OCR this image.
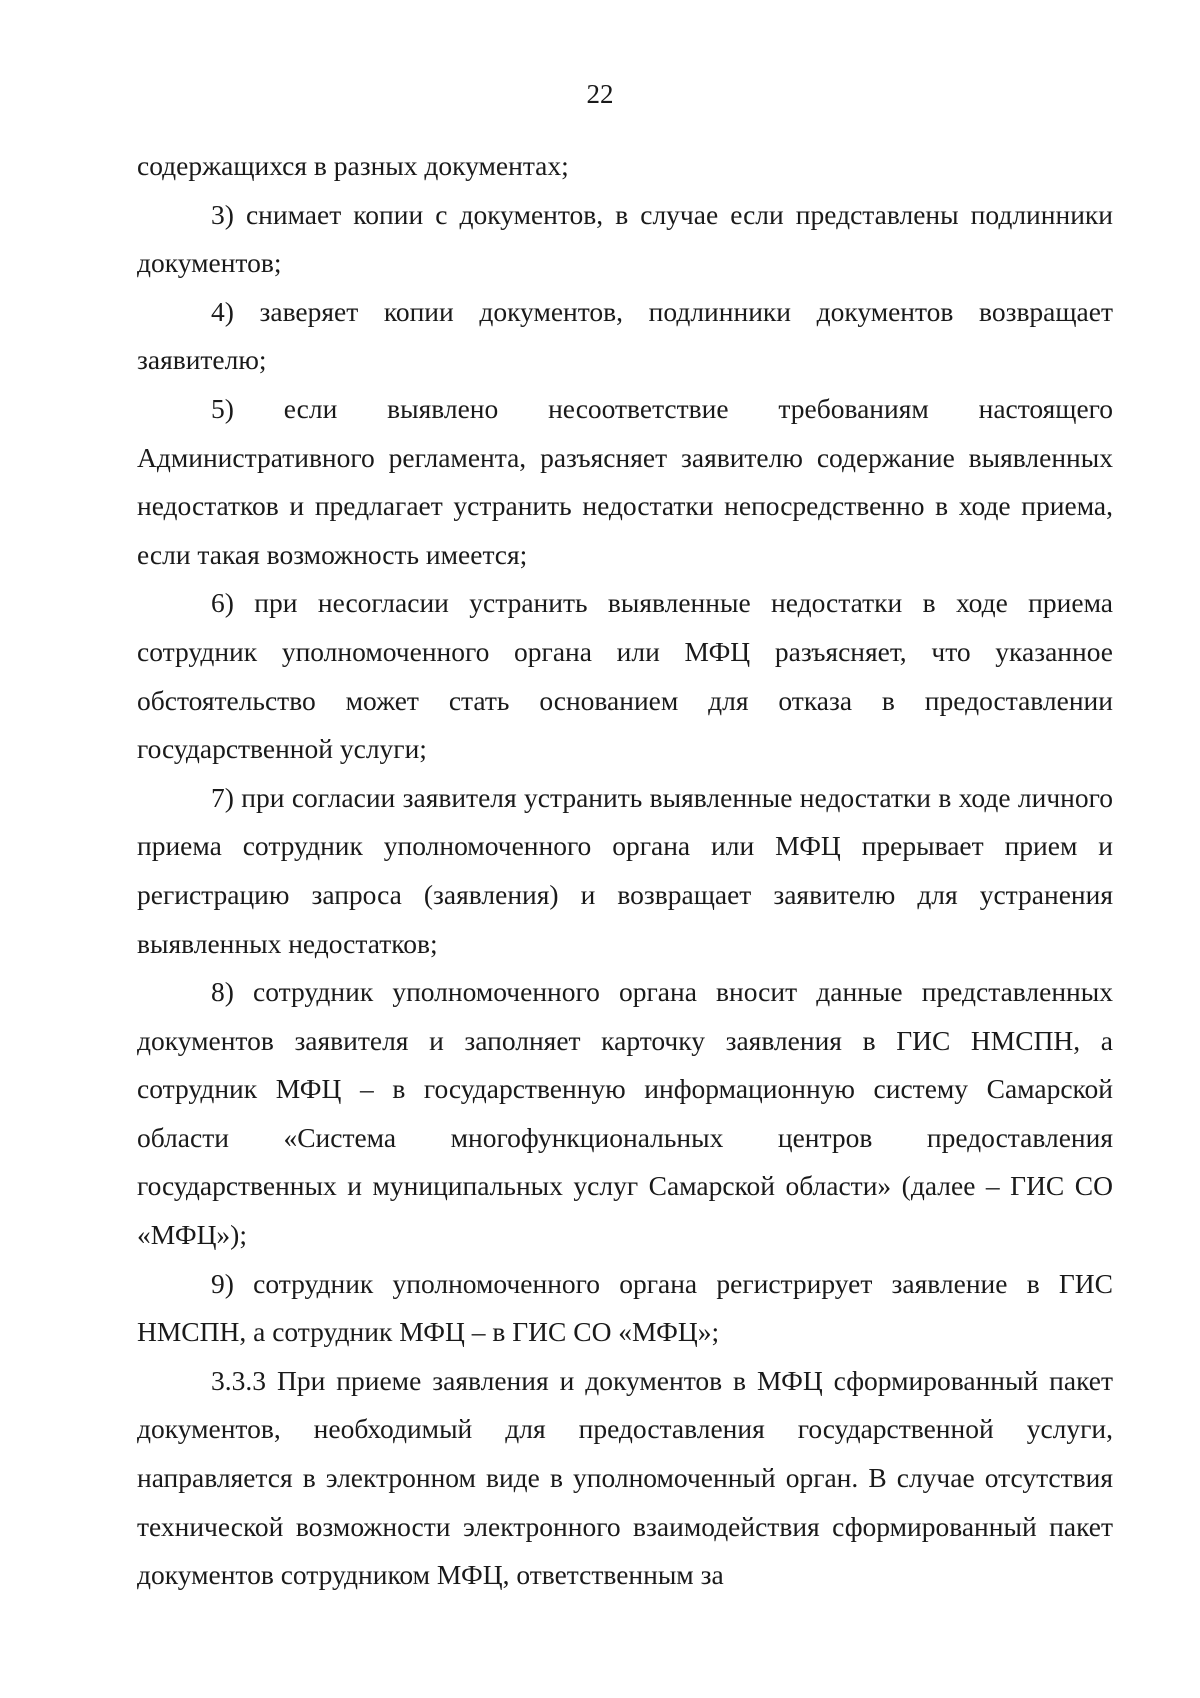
22

содержащихся в разных документах;

3) снимает копии с документов, в случае если представлены подлинники документов;

4) заверяет копии документов, подлинники документов возвращает заявителю;

5) если выявлено несоответствие требованиям настоящего Административного регламента, разъясняет заявителю содержание выявленных недостатков и предлагает устранить недостатки непосредственно в ходе приема, если такая возможность имеется;

6) при несогласии устранить выявленные недостатки в ходе приема сотрудник уполномоченного органа или МФЦ разъясняет, что указанное обстоятельство может стать основанием для отказа в предоставлении государственной услуги;

7) при согласии заявителя устранить выявленные недостатки в ходе личного приема сотрудник уполномоченного органа или МФЦ прерывает прием и регистрацию запроса (заявления) и возвращает заявителю для устранения выявленных недостатков;

8) сотрудник уполномоченного органа вносит данные представленных документов заявителя и заполняет карточку заявления в ГИС НМСПН, а сотрудник МФЦ – в государственную информационную систему Самарской области «Система многофункциональных центров предоставления государственных и муниципальных услуг Самарской области» (далее – ГИС СО «МФЦ»);

9) сотрудник уполномоченного органа регистрирует заявление в ГИС НМСПН, а сотрудник МФЦ – в ГИС СО «МФЦ»;

3.3.3 При приеме заявления и документов в МФЦ сформированный пакет документов, необходимый для предоставления государственной услуги, направляется в электронном виде в уполномоченный орган. В случае отсутствия технической возможности электронного взаимодействия сформированный пакет документов сотрудником МФЦ, ответственным за
